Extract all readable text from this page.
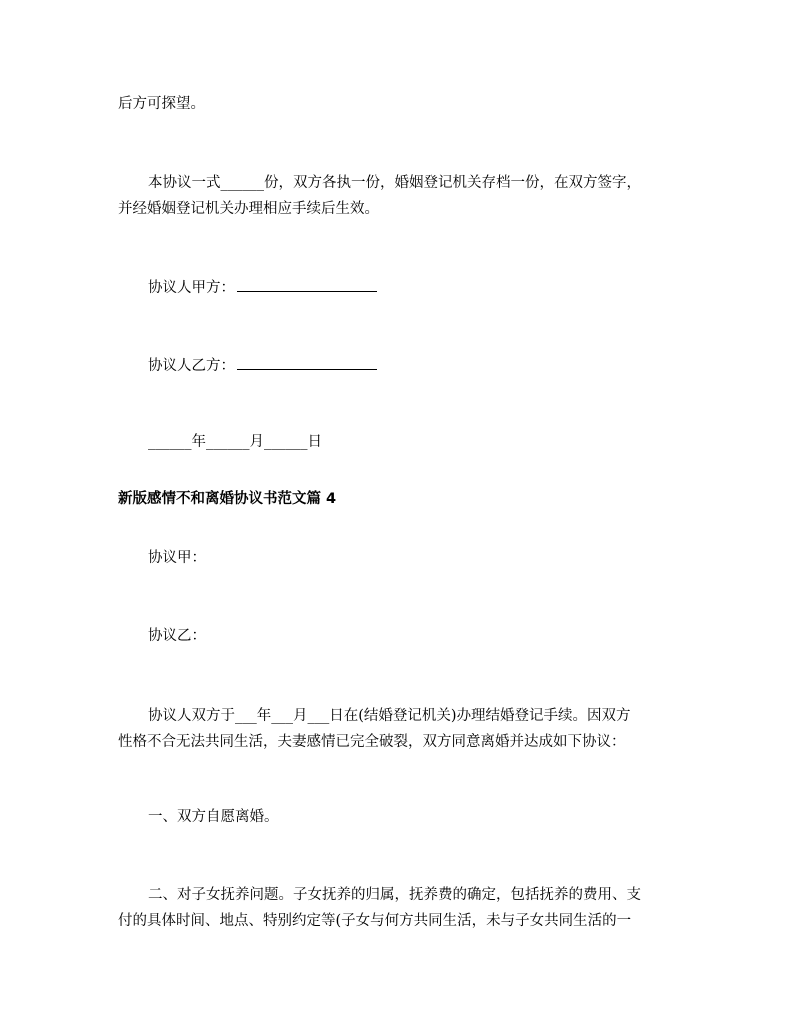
后方可探望。
本协议一式______份，双方各执一份，婚姻登记机关存档一份，在双方签字，
并经婚姻登记机关办理相应手续后生效。
协议人甲方：
协议人乙方：
______年______月______日
新版感情不和离婚协议书范文篇 4
协议甲：
协议乙：
协议人双方于___年___月___日在(结婚登记机关)办理结婚登记手续。因双方
性格不合无法共同生活，夫妻感情已完全破裂，双方同意离婚并达成如下协议：
一、双方自愿离婚。
二、对子女抚养问题。子女抚养的归属，抚养费的确定，包括抚养的费用、支
付的具体时间、地点、特别约定等(子女与何方共同生活，未与子女共同生活的一
